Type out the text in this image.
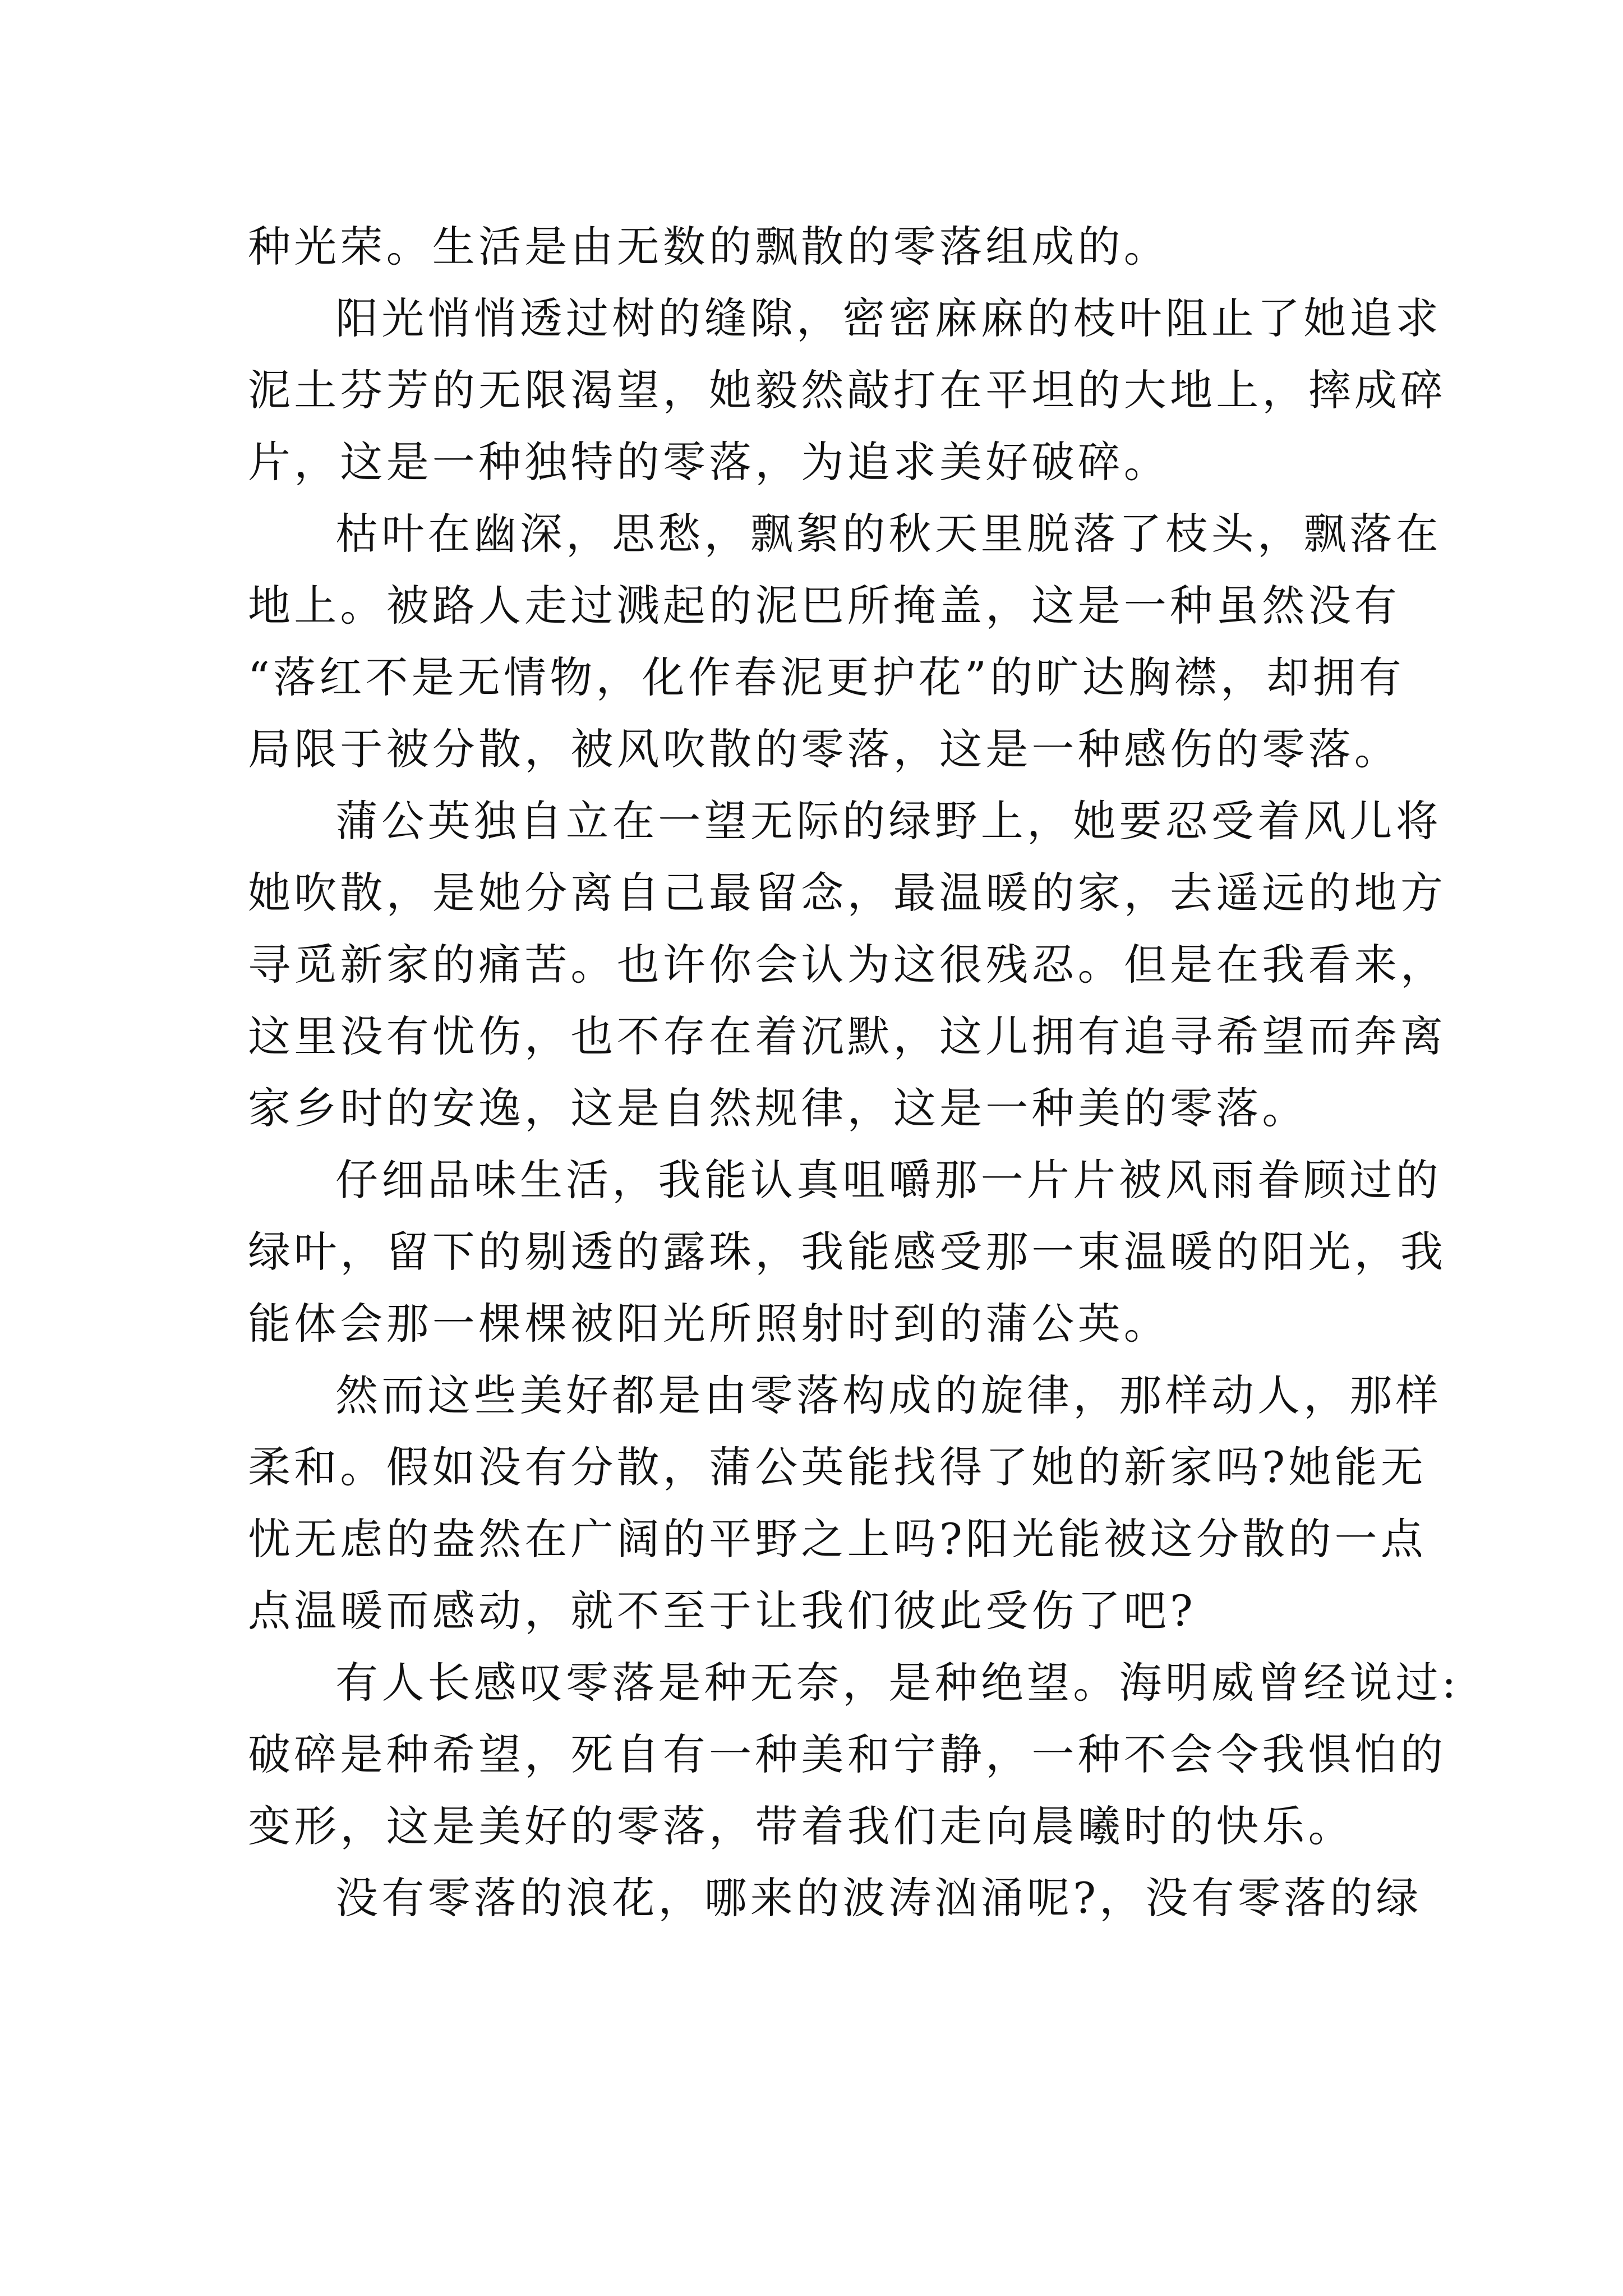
种光荣。生活是由无数的飘散的零落组成的。
阳光悄悄透过树的缝隙，密密麻麻的枝叶阻止了她追求
泥土芬芳的无限渴望，她毅然敲打在平坦的大地上，摔成碎
片，这是一种独特的零落，为追求美好破碎。
枯叶在幽深，思愁，飘絮的秋天里脱落了枝头，飘落在
地上。被路人走过溅起的泥巴所掩盖，这是一种虽然没有
“落红不是无情物，化作春泥更护花”的旷达胸襟，却拥有
局限于被分散，被风吹散的零落，这是一种感伤的零落。
蒲公英独自立在一望无际的绿野上，她要忍受着风儿将
她吹散，是她分离自己最留念，最温暖的家，去遥远的地方
寻觅新家的痛苦。也许你会认为这很残忍。但是在我看来，
这里没有忧伤，也不存在着沉默，这儿拥有追寻希望而奔离
家乡时的安逸，这是自然规律，这是一种美的零落。
仔细品味生活，我能认真咀嚼那一片片被风雨眷顾过的
绿叶，留下的剔透的露珠，我能感受那一束温暖的阳光，我
能体会那一棵棵被阳光所照射时到的蒲公英。
然而这些美好都是由零落构成的旋律，那样动人，那样
柔和。假如没有分散，蒲公英能找得了她的新家吗?她能无
忧无虑的盎然在广阔的平野之上吗?阳光能被这分散的一点
点温暖而感动，就不至于让我们彼此受伤了吧?
有人长感叹零落是种无奈，是种绝望。海明威曾经说过:
破碎是种希望，死自有一种美和宁静，一种不会令我惧怕的
变形，这是美好的零落，带着我们走向晨曦时的快乐。
没有零落的浪花，哪来的波涛汹涌呢?，没有零落的绿
